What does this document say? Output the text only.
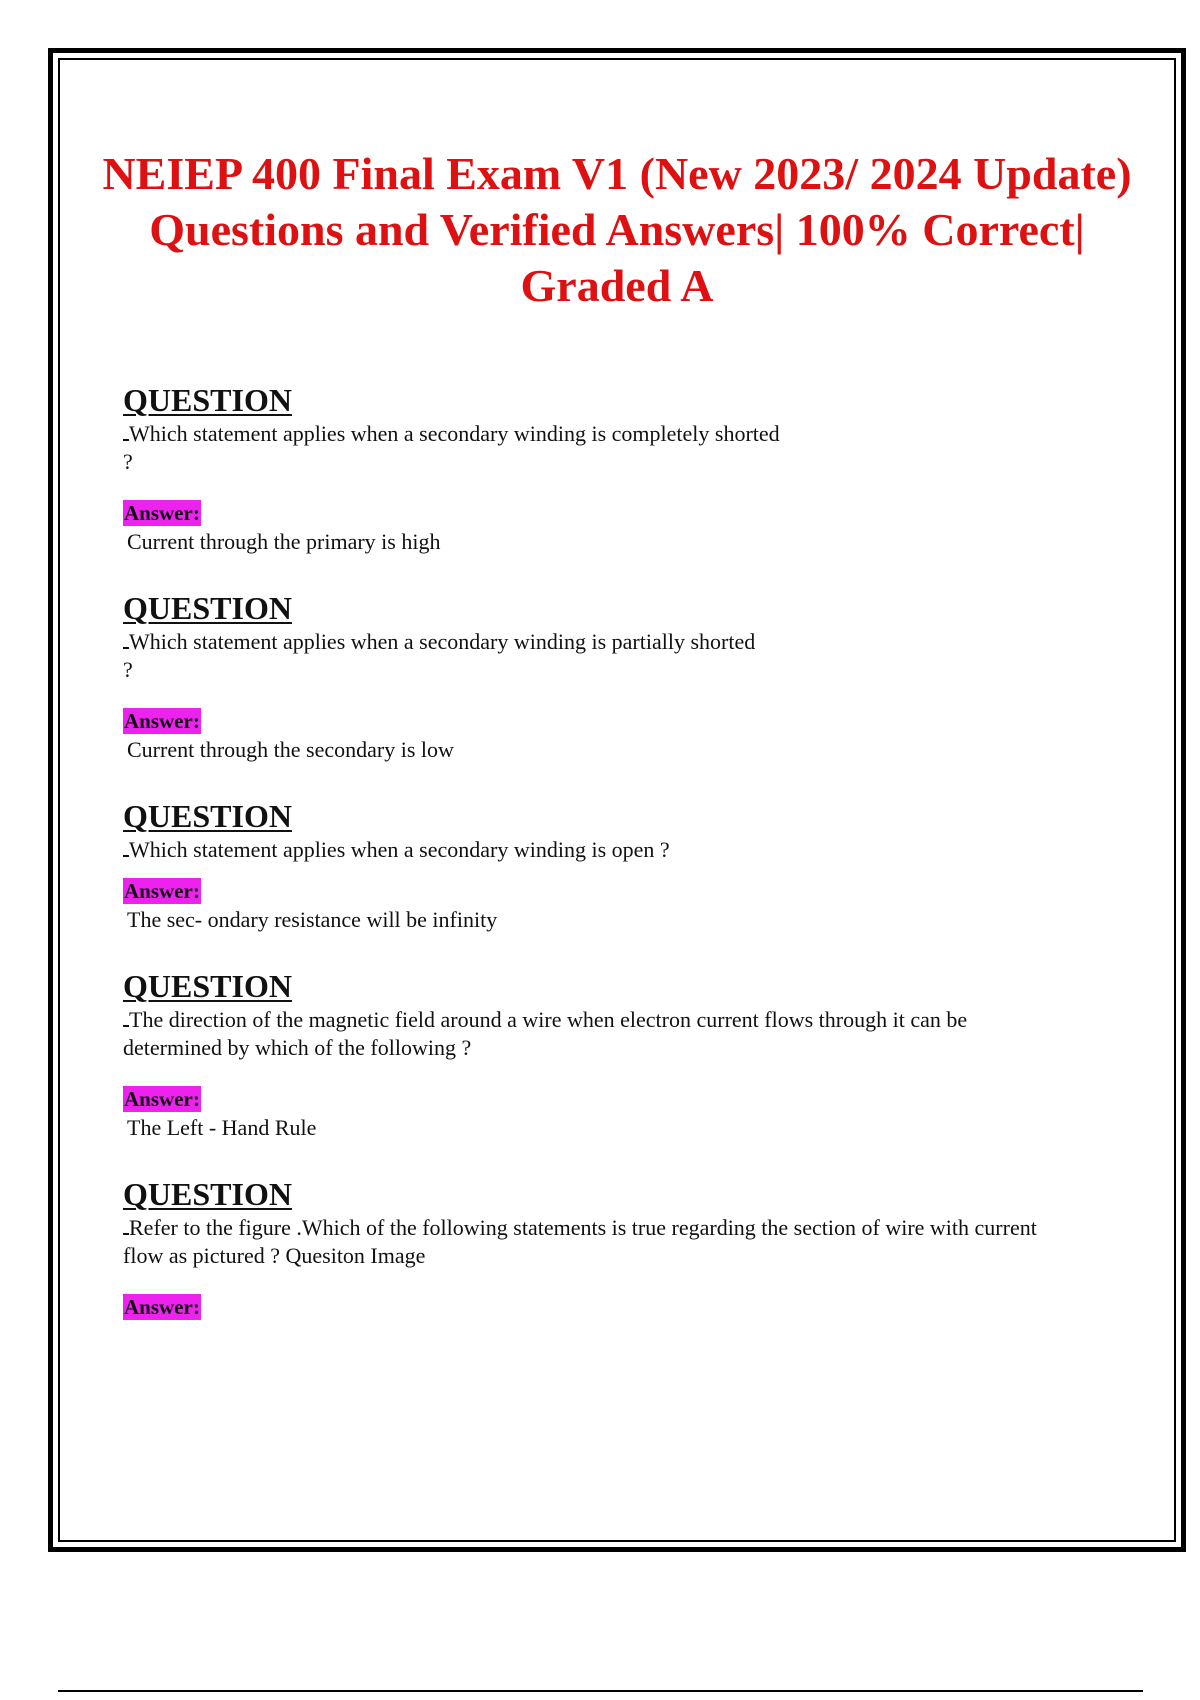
NEIEP 400 Final Exam V1 (New 2023/ 2024 Update) Questions and Verified Answers| 100% Correct| Graded A
QUESTION
Which statement applies when a secondary winding is completely shorted
?
Answer:
Current through the primary is high
QUESTION
Which statement applies when a secondary winding is partially shorted
?
Answer:
Current through the secondary is low
QUESTION
Which statement applies when a secondary winding is open ?
Answer:
The sec- ondary resistance will be infinity
QUESTION
The direction of the magnetic field around a wire when electron current flows through it can be
determined by which of the following ?
Answer:
The Left - Hand Rule
QUESTION
Refer to the figure .Which of the following statements is true regarding the section of wire with current
flow as pictured ? Quesiton Image
Answer:
